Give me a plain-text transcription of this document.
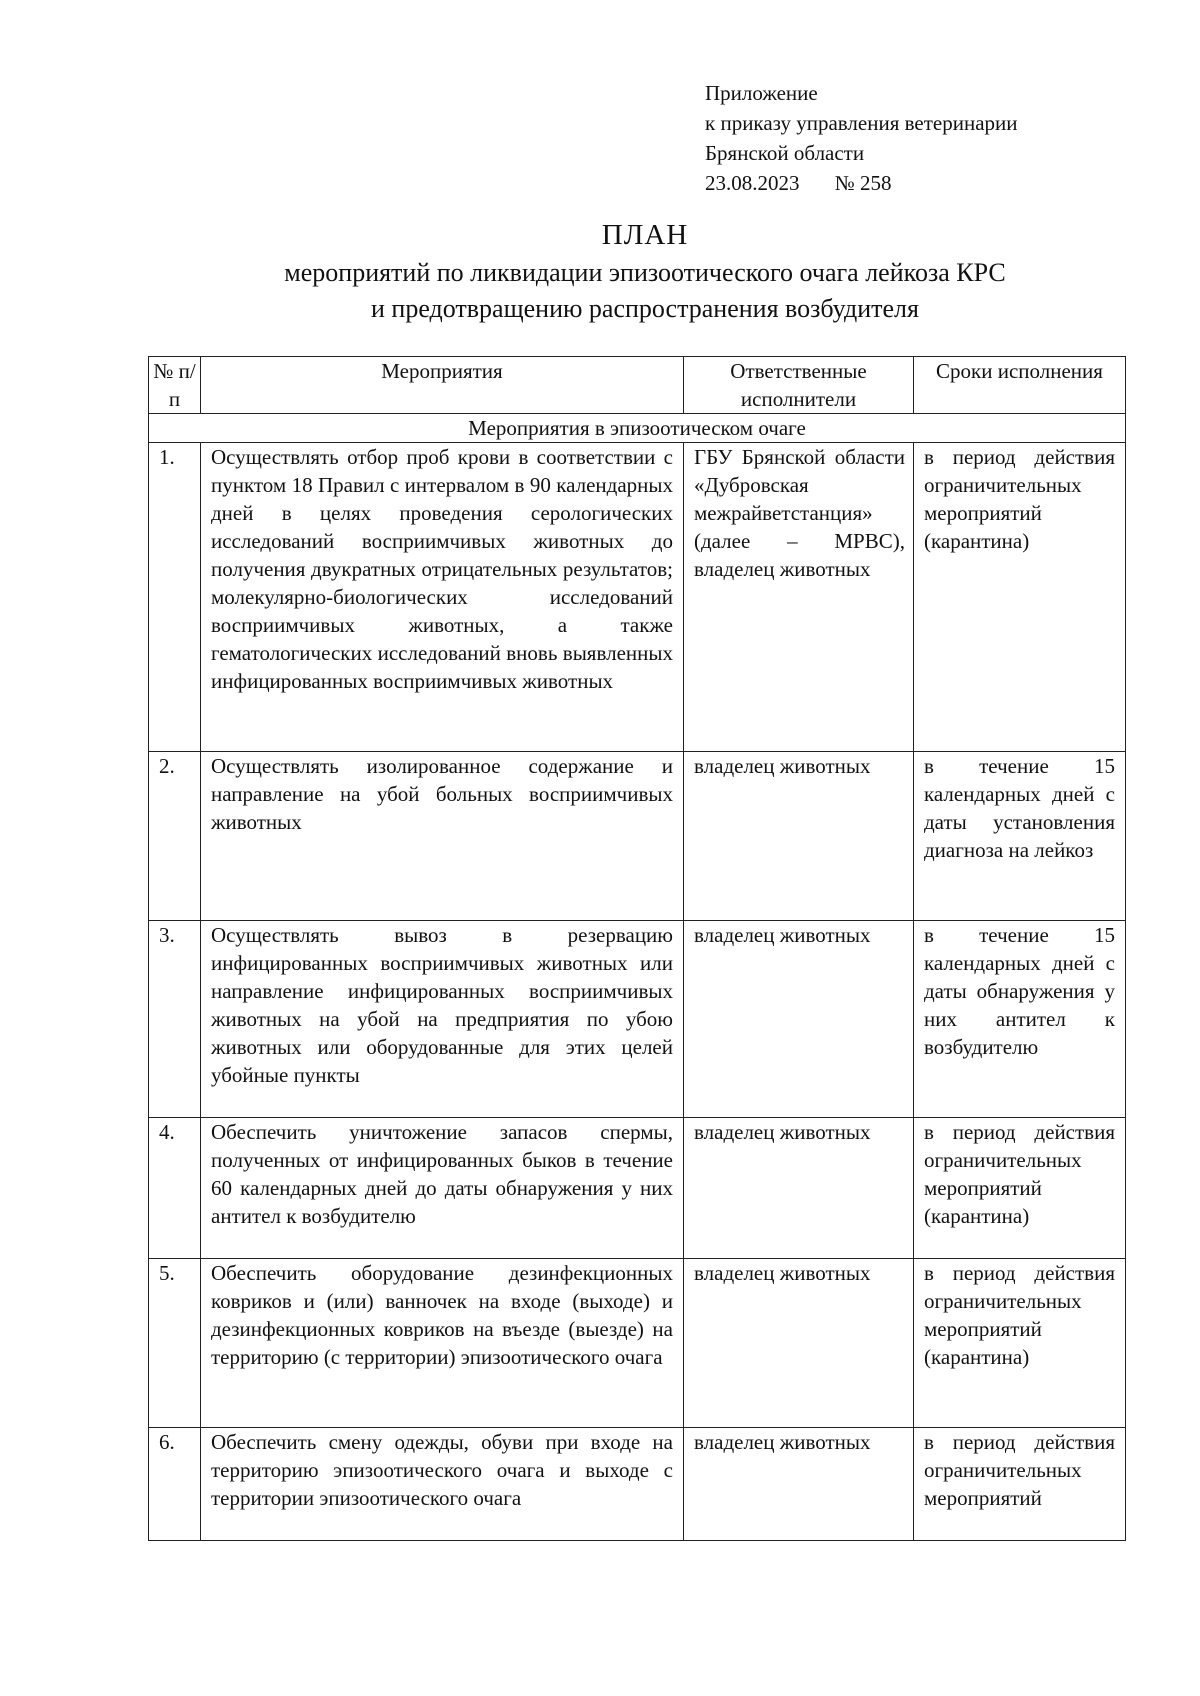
Приложение
к приказу управления ветеринарии
Брянской области
23.08.2023 № 258
ПЛАН
мероприятий по ликвидации эпизоотического очага лейкоза КРС
и предотвращению распространения возбудителя
№ п/п	Мероприятия	Ответственные исполнители	Сроки исполнения
Мероприятия в эпизоотическом очаге			
1.	Осуществлять отбор проб крови в соответствии с пунктом 18 Правил с интервалом в 90 календарных дней в целях проведения серологических исследований восприимчивых животных до получения двукратных отрицательных результатов; молекулярно-биологических исследований восприимчивых животных, а также гематологических исследований вновь выявленных инфицированных восприимчивых животных	ГБУ Брянской области «Дубровская межрайветстанция» (далее – МРВС), владелец животных	в период действия ограничительных мероприятий (карантина)
2.	Осуществлять изолированное содержание и направление на убой больных восприимчивых животных	владелец животных	в течение 15 календарных дней с даты установления диагноза на лейкоз
3.	Осуществлять вывоз в резервацию инфицированных восприимчивых животных или направление инфицированных восприимчивых животных на убой на предприятия по убою животных или оборудованные для этих целей убойные пункты	владелец животных	в течение 15 календарных дней с даты обнаружения у них антител к возбудителю
4.	Обеспечить уничтожение запасов спермы, полученных от инфицированных быков в течение 60 календарных дней до даты обнаружения у них антител к возбудителю	владелец животных	в период действия ограничительных мероприятий (карантина)
5.	Обеспечить оборудование дезинфекционных ковриков и (или) ванночек на входе (выходе) и дезинфекционных ковриков на въезде (выезде) на территорию (с территории) эпизоотического очага	владелец животных	в период действия ограничительных мероприятий (карантина)
6.	Обеспечить смену одежды, обуви при входе на территорию эпизоотического очага и выходе с территории эпизоотического очага	владелец животных	в период действия ограничительных мероприятий
